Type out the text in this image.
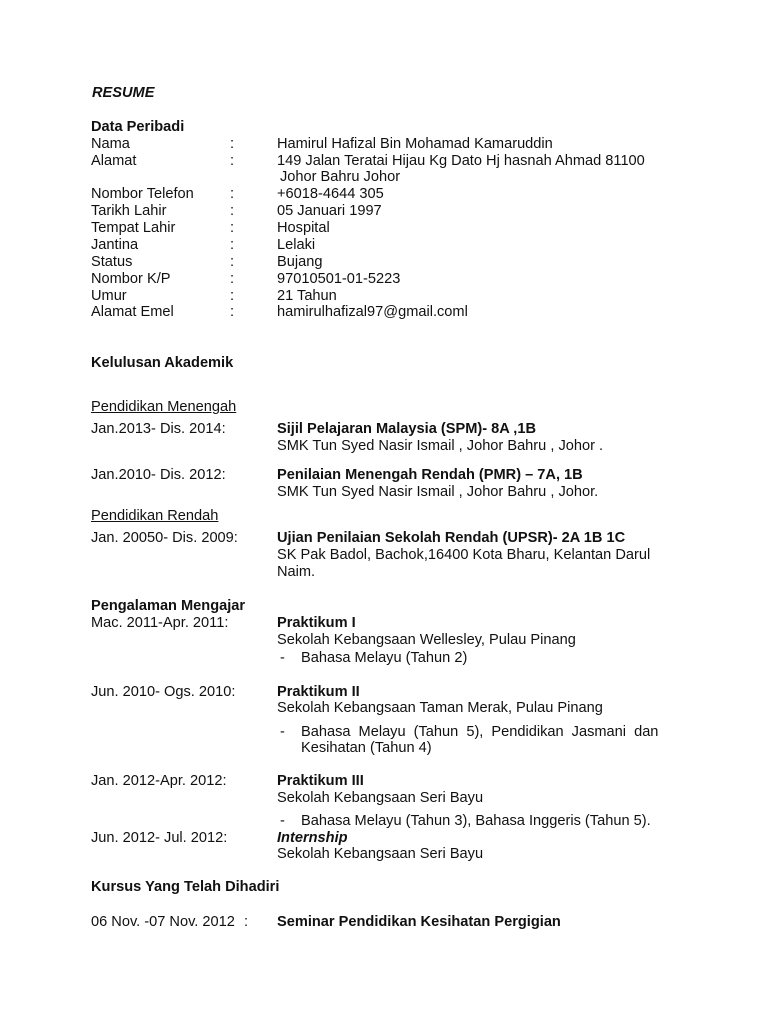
RESUME
Data Peribadi
Nama	:	Hamirul Hafizal Bin Mohamad Kamaruddin
Alamat	:	149 Jalan Teratai Hijau Kg Dato Hj hasnah Ahmad 81100
Johor Bahru Johor
Nombor Telefon :	+6018-4644 305
Tarikh Lahir	:	05 Januari 1997
Tempat Lahir	:	Hospital
Jantina	:	Lelaki
Status	:	Bujang
Nombor K/P	:	97010501-01-5223
Umur	:	21 Tahun
Alamat Emel	:	hamirulhafizal97@gmail.coml
Kelulusan Akademik
Pendidikan Menengah
Jan.2013- Dis. 2014:	Sijil Pelajaran Malaysia (SPM)- 8A ,1B
SMK Tun Syed Nasir Ismail , Johor Bahru , Johor .
Jan.2010- Dis. 2012:	Penilaian Menengah Rendah (PMR) – 7A, 1B
SMK Tun Syed Nasir Ismail , Johor Bahru , Johor.
Pendidikan Rendah
Jan. 20050- Dis. 2009:	Ujian Penilaian Sekolah Rendah (UPSR)- 2A 1B 1C
SK Pak Badol, Bachok,16400 Kota Bharu, Kelantan Darul
Naim.
Pengalaman Mengajar
Mac. 2011-Apr. 2011:	Praktikum I
Sekolah Kebangsaan Wellesley, Pulau Pinang
- Bahasa Melayu (Tahun 2)
Jun. 2010- Ogs. 2010:	Praktikum II
Sekolah Kebangsaan Taman Merak, Pulau Pinang
- Bahasa Melayu (Tahun 5), Pendidikan Jasmani dan
Kesihatan (Tahun 4)
Jan. 2012-Apr. 2012:	Praktikum III
Sekolah Kebangsaan Seri Bayu
- Bahasa Melayu (Tahun 3), Bahasa Inggeris (Tahun 5).
Jun. 2012- Jul. 2012:	Internship
Sekolah Kebangsaan Seri Bayu
Kursus Yang Telah Dihadiri
06 Nov. -07 Nov. 2012 : Seminar Pendidikan Kesihatan Pergigian
